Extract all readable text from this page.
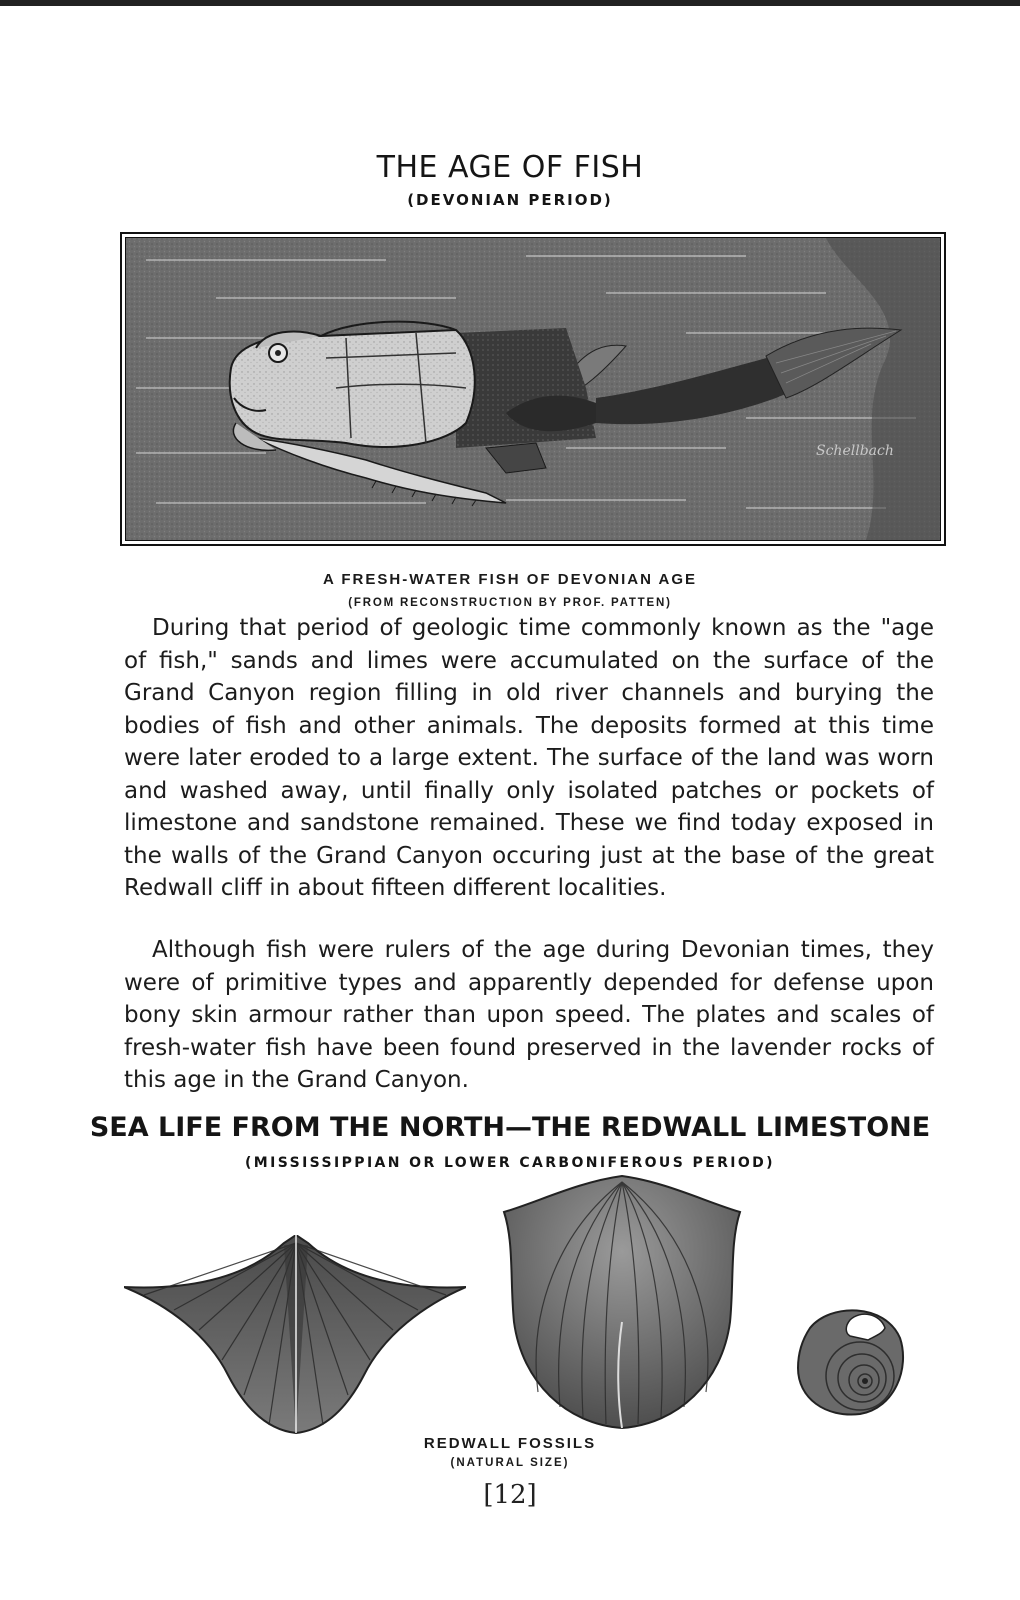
THE AGE OF FISH
(DEVONIAN PERIOD)
Schellbach
A FRESH-WATER FISH OF DEVONIAN AGE
(FROM RECONSTRUCTION BY PROF. PATTEN)

During that period of geologic time commonly known as the "age of fish," sands and limes were accumulated on the surface of the Grand Canyon region filling in old river channels and burying the bodies of fish and other animals. The deposits formed at this time were later eroded to a large extent. The surface of the land was worn and washed away, until finally only isolated patches or pockets of limestone and sandstone remained. These we find today exposed in the walls of the Grand Canyon occuring just at the base of the great Redwall cliff in about fifteen different localities.

Although fish were rulers of the age during Devonian times, they were of primitive types and apparently depended for defense upon bony skin armour rather than upon speed. The plates and scales of fresh-water fish have been found preserved in the lavender rocks of this age in the Grand Canyon.

SEA LIFE FROM THE NORTH—THE REDWALL LIMESTONE
(MISSISSIPPIAN OR LOWER CARBONIFEROUS PERIOD)
REDWALL FOSSILS
(NATURAL SIZE)
[12]
